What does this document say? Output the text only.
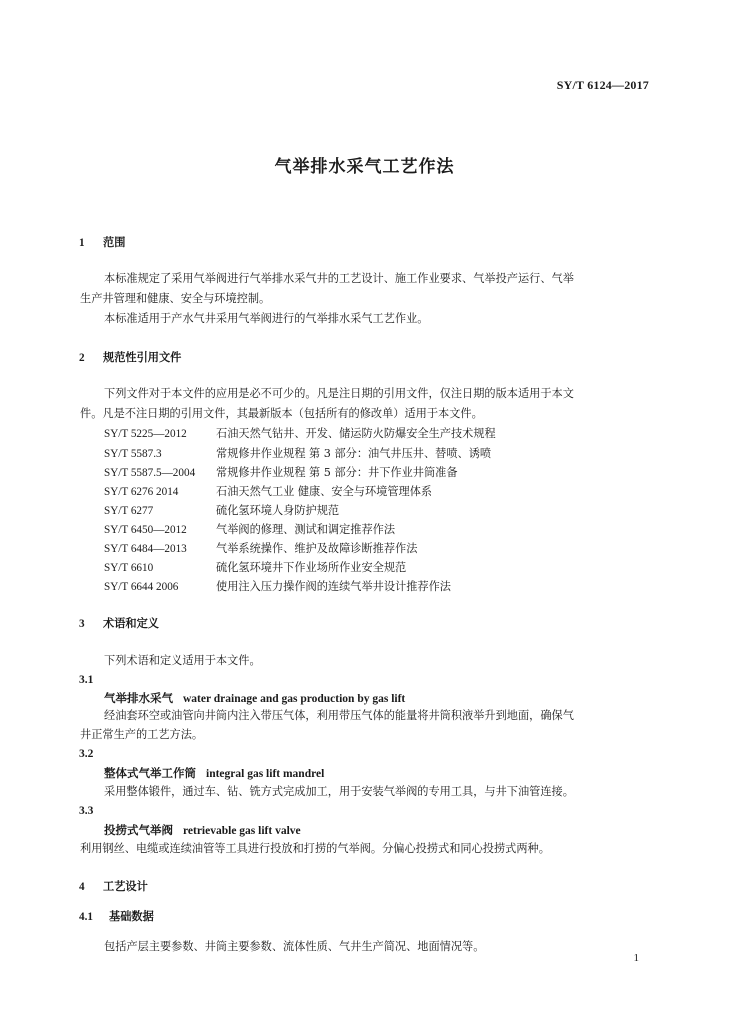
SY/T 6124—2017
气举排水采气工艺作法
1 范围
本标准规定了采用气举阀进行气举排水采气井的工艺设计、施工作业要求、气举投产运行、气举
生产井管理和健康、安全与环境控制。
本标准适用于产水气井采用气举阀进行的气举排水采气工艺作业。
2 规范性引用文件
下列文件对于本文件的应用是必不可少的。凡是注日期的引用文件，仅注日期的版本适用于本文
件。凡是不注日期的引用文件，其最新版本（包括所有的修改单）适用于本文件。
SY/T 5225—2012	石油天然气钻井、开发、储运防火防爆安全生产技术规程
SY/T 5587.3	常规修井作业规程 第 3 部分：油气井压井、替喷、诱喷
SY/T 5587.5—2004 常规修井作业规程 第 5 部分：井下作业井筒准备
SY/T 6276 2014	石油天然气工业 健康、安全与环境管理体系
SY/T 6277	硫化氢环境人身防护规范
SY/T 6450—2012	气举阀的修理、测试和调定推荐作法
SY/T 6484—2013	气举系统操作、维护及故障诊断推荐作法
SY/T 6610	硫化氢环境井下作业场所作业安全规范
SY/T 6644 2006	使用注入压力操作阀的连续气举井设计推荐作法
3 术语和定义
下列术语和定义适用于本文件。
3.1
气举排水采气 water drainage and gas production by gas lift
经油套环空或油管向井筒内注入带压气体，利用带压气体的能量将井筒积液举升到地面，确保气
井正常生产的工艺方法。
3.2
整体式气举工作筒 integral gas lift mandrel
采用整体锻件，通过车、钻、铣方式完成加工，用于安装气举阀的专用工具，与井下油管连接。
3.3
投捞式气举阀 retrievable gas lift valve
利用钢丝、电缆或连续油管等工具进行投放和打捞的气举阀。分偏心投捞式和同心投捞式两种。
4 工艺设计
4.1 基础数据
包括产层主要参数、井筒主要参数、流体性质、气井生产简况、地面情况等。
1
